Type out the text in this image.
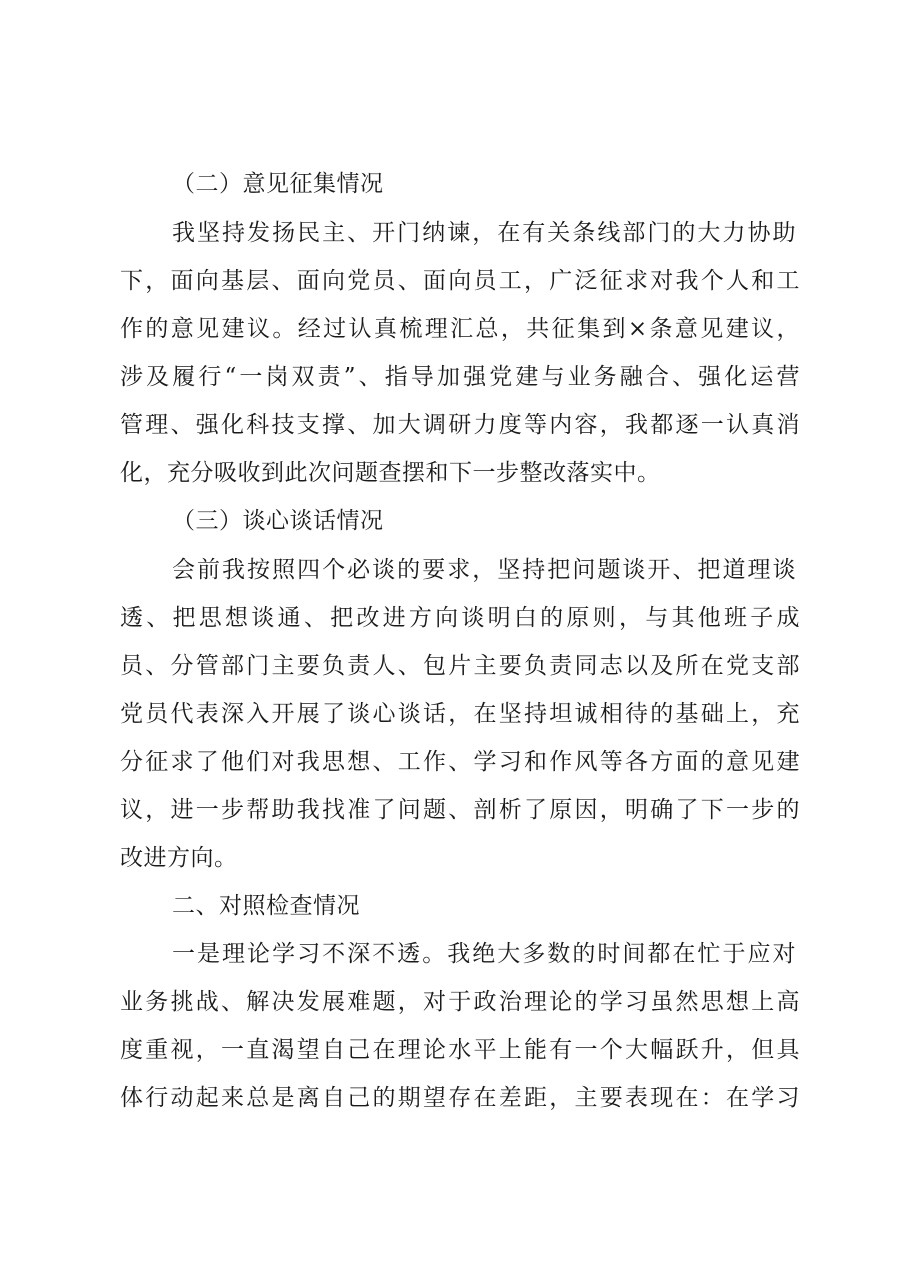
（二）意见征集情况
我坚持发扬民主、开门纳谏，在有关条线部门的大力协助
下，面向基层、面向党员、面向员工，广泛征求对我个人和工
作的意见建议。经过认真梳理汇总，共征集到×条意见建议，
涉及履行“一岗双责”、指导加强党建与业务融合、强化运营
管理、强化科技支撑、加大调研力度等内容，我都逐一认真消
化，充分吸收到此次问题查摆和下一步整改落实中。
（三）谈心谈话情况
会前我按照四个必谈的要求，坚持把问题谈开、把道理谈
透、把思想谈通、把改进方向谈明白的原则，与其他班子成
员、分管部门主要负责人、包片主要负责同志以及所在党支部
党员代表深入开展了谈心谈话，在坚持坦诚相待的基础上，充
分征求了他们对我思想、工作、学习和作风等各方面的意见建
议，进一步帮助我找准了问题、剖析了原因，明确了下一步的
改进方向。
二、对照检查情况
一是理论学习不深不透。我绝大多数的时间都在忙于应对
业务挑战、解决发展难题，对于政治理论的学习虽然思想上高
度重视，一直渴望自己在理论水平上能有一个大幅跃升，但具
体行动起来总是离自己的期望存在差距，主要表现在：在学习
